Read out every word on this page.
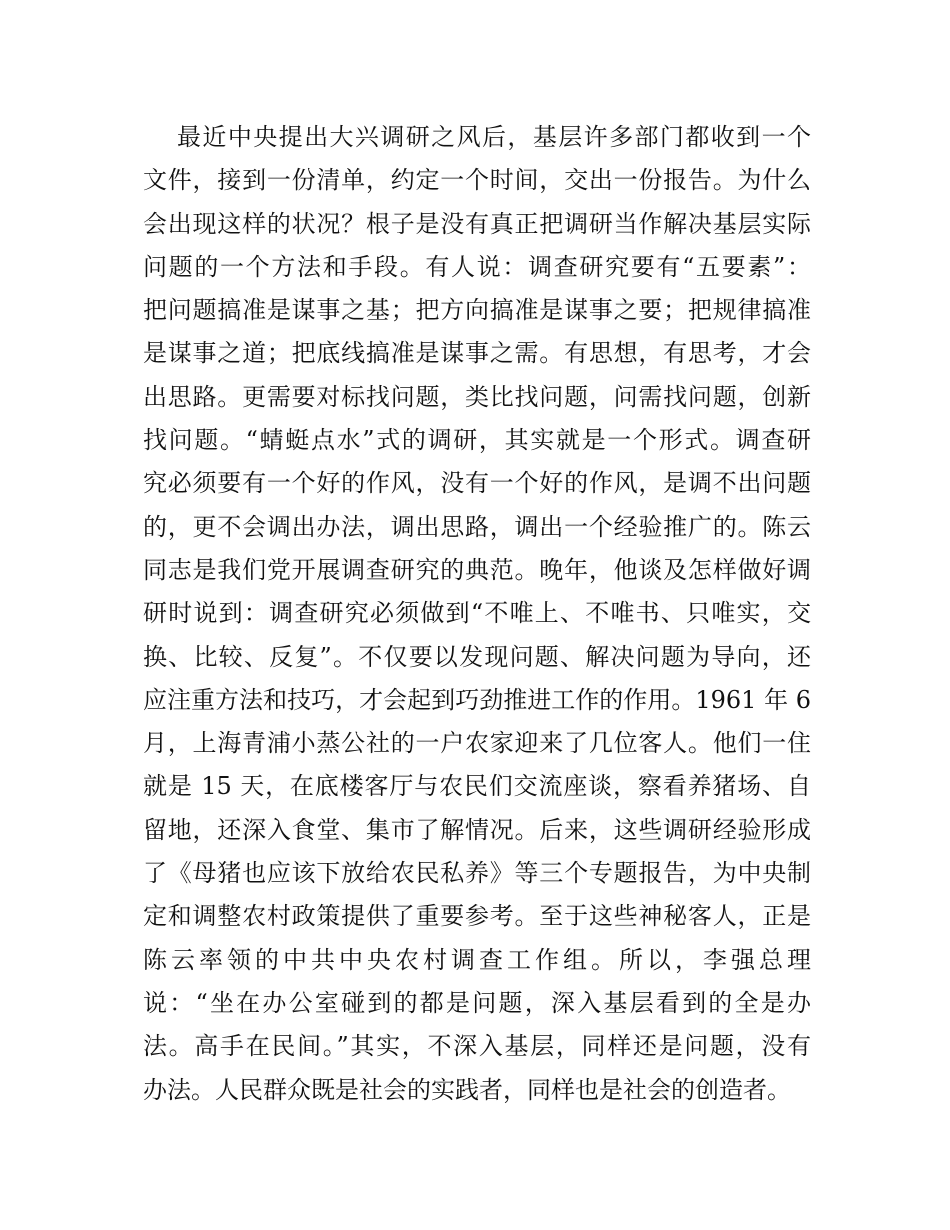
最近中央提出大兴调研之风后，基层许多部门都收到一个
文件，接到一份清单，约定一个时间，交出一份报告。为什么
会出现这样的状况？根子是没有真正把调研当作解决基层实际
问题的一个方法和手段。有人说：调查研究要有“五要素”：
把问题搞准是谋事之基；把方向搞准是谋事之要；把规律搞准
是谋事之道；把底线搞准是谋事之需。有思想，有思考，才会
出思路。更需要对标找问题，类比找问题，问需找问题，创新
找问题。“蜻蜓点水”式的调研，其实就是一个形式。调查研
究必须要有一个好的作风，没有一个好的作风，是调不出问题
的，更不会调出办法，调出思路，调出一个经验推广的。陈云
同志是我们党开展调查研究的典范。晚年，他谈及怎样做好调
研时说到：调查研究必须做到“不唯上、不唯书、只唯实，交
换、比较、反复”。不仅要以发现问题、解决问题为导向，还
应注重方法和技巧，才会起到巧劲推进工作的作用。1961 年 6
月，上海青浦小蒸公社的一户农家迎来了几位客人。他们一住
就是 15 天，在底楼客厅与农民们交流座谈，察看养猪场、自
留地，还深入食堂、集市了解情况。后来，这些调研经验形成
了《母猪也应该下放给农民私养》等三个专题报告，为中央制
定和调整农村政策提供了重要参考。至于这些神秘客人，正是
陈云率领的中共中央农村调查工作组。所以，李强总理
说：“坐在办公室碰到的都是问题，深入基层看到的全是办
法。高手在民间。”其实，不深入基层，同样还是问题，没有
办法。人民群众既是社会的实践者，同样也是社会的创造者。
